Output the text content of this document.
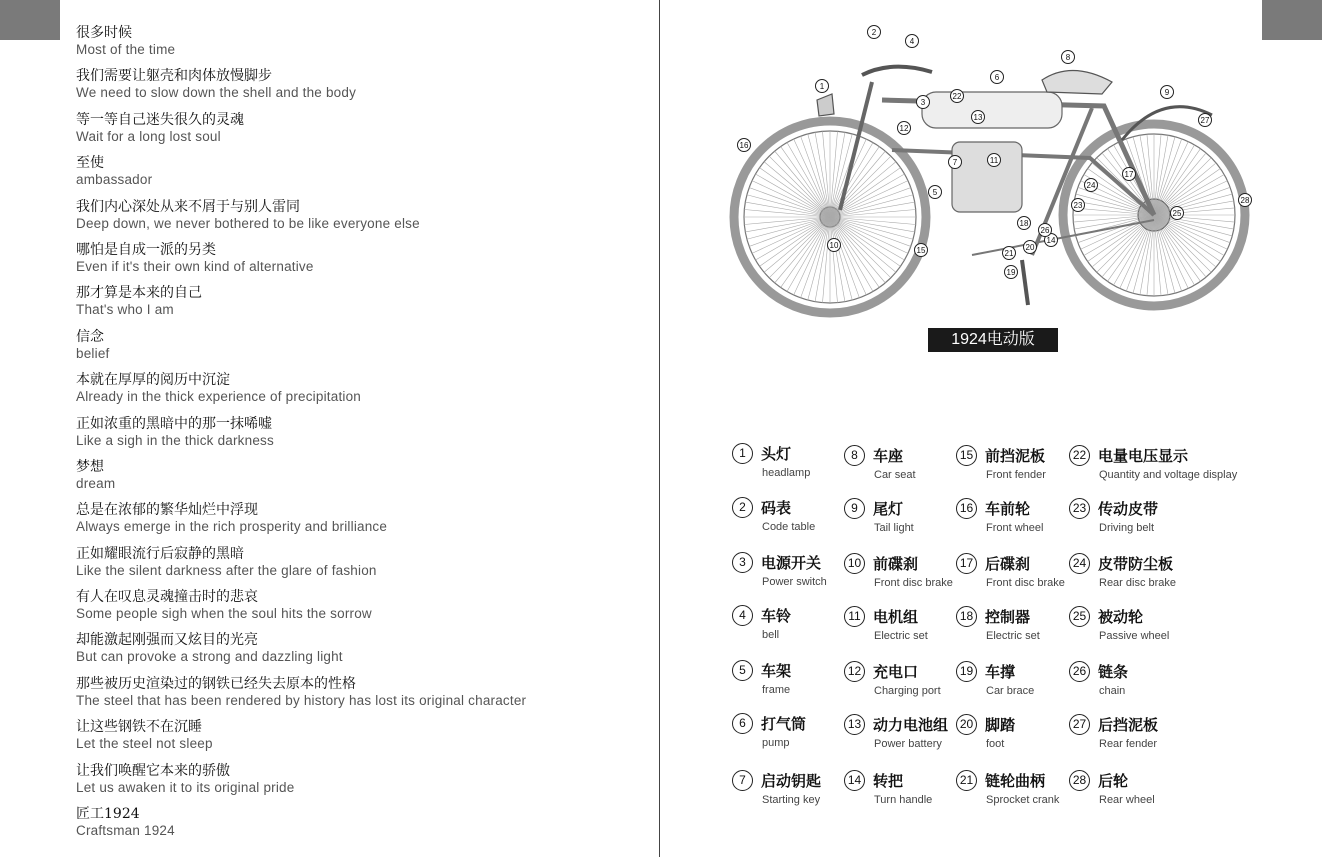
很多时候
Most of the time
我们需要让躯壳和肉体放慢脚步
We need to slow down the shell and the body
等一等自己迷失很久的灵魂
Wait for a long lost soul
至使
ambassador
我们内心深处从来不屑于与别人雷同
Deep down, we never bothered to be like everyone else
哪怕是自成一派的另类
Even if it's their own kind of alternative
那才算是本来的自己
That's who I am
信念
belief
本就在厚厚的阅历中沉淀
Already in the thick experience of precipitation
正如浓重的黑暗中的那一抹唏嘘
Like a sigh in the thick darkness
梦想
dream
总是在浓郁的繁华灿烂中浮现
Always emerge in the rich prosperity and brilliance
正如耀眼流行后寂静的黑暗
Like the silent darkness after the glare of fashion
有人在叹息灵魂撞击时的悲哀
Some people sigh when the soul hits the sorrow
却能激起刚强而又炫目的光亮
But can provoke a strong and dazzling light
那些被历史渲染过的钢铁已经失去原本的性格
The steel that has been rendered by history has lost its original character
让这些钢铁不在沉睡
Let the steel not sleep
让我们唤醒它本来的骄傲
Let us awaken it to its original pride
匠工1924
Craftsman 1924
1
2
3
4
5
6
7
8
9
10
11
12
13
14
15
16
17
18
19
20
21
22
23
24
25
26
27
28
1924电动版
1	头灯
headlamp
2	码表
Code table
3	电源开关
Power switch
4	车铃
bell
5	车架
frame
6	打气筒
pump
7	启动钥匙
Starting key
8	车座
Car seat
9	尾灯
Tail light
10 前碟刹
Front disc brake
11 电机组
Electric set
12 充电口
Charging port
13 动力电池组
Power battery
14 转把
Turn handle
15 前挡泥板
Front fender
16 车前轮
Front wheel
17 后碟刹
Front disc brake
18 控制器
Electric set
19 车撑
Car brace
20 脚踏
foot
21 链轮曲柄
Sprocket crank
22 电量电压显示
Quantity and voltage display
23 传动皮带
Driving belt
24 皮带防尘板
Rear disc brake
25 被动轮
Passive wheel
26 链条
chain
27 后挡泥板
Rear fender
28 后轮
Rear wheel
